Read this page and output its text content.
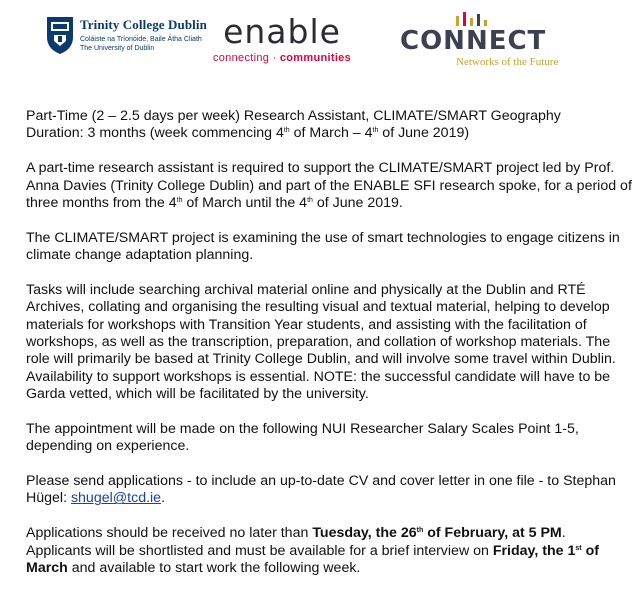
Trinity College Dublin
Coláiste na Tríonóide, Baile Átha Cliath
The University of Dublin	enable
connecting · communities
CONNECT
Networks of the Future

Part-Time (2 – 2.5 days per week) Research Assistant, CLIMATE/SMART Geography
Duration: 3 months (week commencing 4th of March – 4th of June 2019)

A part-time research assistant is required to support the CLIMATE/SMART project led by Prof. Anna Davies (Trinity College Dublin) and part of the ENABLE SFI research spoke, for a period of three months from the 4th of March until the 4th of June 2019.

The CLIMATE/SMART project is examining the use of smart technologies to engage citizens in climate change adaptation planning.

Tasks will include searching archival material online and physically at the Dublin and RTÉ Archives, collating and organising the resulting visual and textual material, helping to develop materials for workshops with Transition Year students, and assisting with the facilitation of workshops, as well as the transcription, preparation, and collation of workshop materials. The role will primarily be based at Trinity College Dublin, and will involve some travel within Dublin. Availability to support workshops is essential. NOTE: the successful candidate will have to be Garda vetted, which will be facilitated by the university.

The appointment will be made on the following NUI Researcher Salary Scales Point 1-5, depending on experience.

Please send applications - to include an up-to-date CV and cover letter in one file - to Stephan Hügel: shugel@tcd.ie.

Applications should be received no later than Tuesday, the 26th of February, at 5 PM. Applicants will be shortlisted and must be available for a brief interview on Friday, the 1st of March and available to start work the following week.
